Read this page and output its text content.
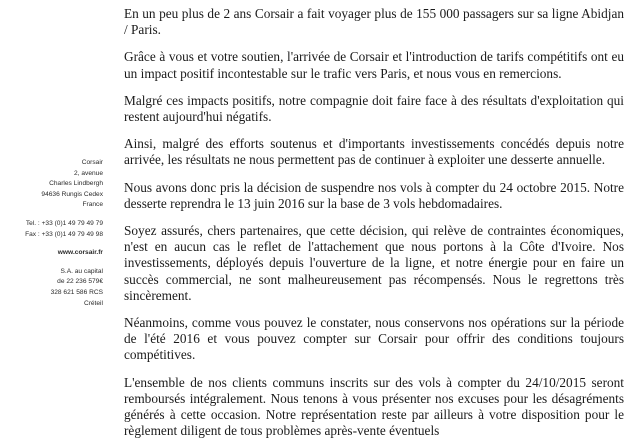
Corsair
2, avenue
Charles Lindbergh
94636 Rungis Cedex
France
Tel. : +33 (0)1 49 79 49 79
Fax : +33 (0)1 49 79 49 98
www.corsair.fr
S.A. au capital
de 22 236 579€
328 621 586 RCS
Créteil

En un peu plus de 2 ans Corsair a fait voyager plus de 155 000 passagers sur sa ligne Abidjan / Paris.

Grâce à vous et votre soutien, l'arrivée de Corsair et l'introduction de tarifs compétitifs ont eu un impact positif incontestable sur le trafic vers Paris, et nous vous en remercions.

Malgré ces impacts positifs, notre compagnie doit faire face à des résultats d'exploitation qui restent aujourd'hui négatifs.

Ainsi, malgré des efforts soutenus et d'importants investissements concédés depuis notre arrivée, les résultats ne nous permettent pas de continuer à exploiter une desserte annuelle.

Nous avons donc pris la décision de suspendre nos vols à compter du 24 octobre 2015. Notre desserte reprendra le 13 juin 2016 sur la base de 3 vols hebdomadaires.

Soyez assurés, chers partenaires, que cette décision, qui relève de contraintes économiques, n'est en aucun cas le reflet de l'attachement que nous portons à la Côte d'Ivoire. Nos investissements, déployés depuis l'ouverture de la ligne, et notre énergie pour en faire un succès commercial, ne sont malheureusement pas récompensés. Nous le regrettons très sincèrement.

Néanmoins, comme vous pouvez le constater, nous conservons nos opérations sur la période de l'été 2016 et vous pouvez compter sur Corsair pour offrir des conditions toujours compétitives.

L'ensemble de nos clients communs inscrits sur des vols à compter du 24/10/2015 seront remboursés intégralement. Nous tenons à vous présenter nos excuses pour les désagréments générés à cette occasion. Notre représentation reste par ailleurs à votre disposition pour le règlement diligent de tous problèmes après-vente éventuels
